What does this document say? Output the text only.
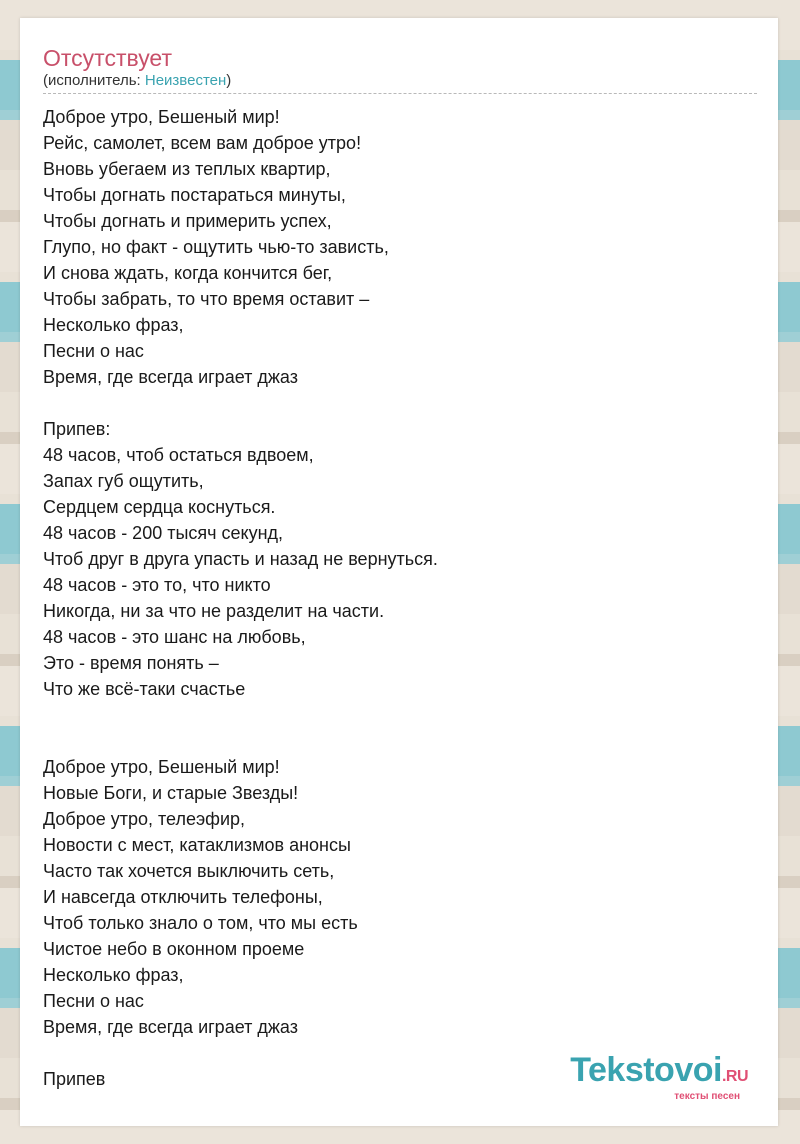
Отсутствует
(исполнитель: Неизвестен)
Доброе утро, Бешеный мир!
Рейс, самолет, всем вам доброе утро!
Вновь убегаем из теплых квартир,
Чтобы догнать постараться минуты,
Чтобы догнать и примерить успех,
Глупо, но факт - ощутить чью-то зависть,
И снова ждать, когда кончится бег,
Чтобы забрать, то что время оставит –
Несколько фраз,
Песни о нас
Время, где всегда играет джаз
Припев:
48 часов, чтоб остаться вдвоем,
Запах губ ощутить,
Сердцем сердца коснуться.
48 часов - 200 тысяч секунд,
Чтоб друг в друга упасть и назад не вернуться.
48 часов - это то, что никто
Никогда, ни за что не разделит на части.
48 часов - это шанс на любовь,
Это - время понять –
Что же всё-таки счастье
Доброе утро, Бешеный мир!
Новые Боги, и старые Звезды!
Доброе утро, телеэфир,
Новости с мест, катаклизмов анонсы
Часто так хочется выключить сеть,
И навсегда отключить телефоны,
Чтоб только знало о том, что мы есть
Чистое небо в оконном проеме
Несколько фраз,
Песни о нас
Время, где всегда играет джаз
Припев	Tekstovoi.RU
тексты песен
